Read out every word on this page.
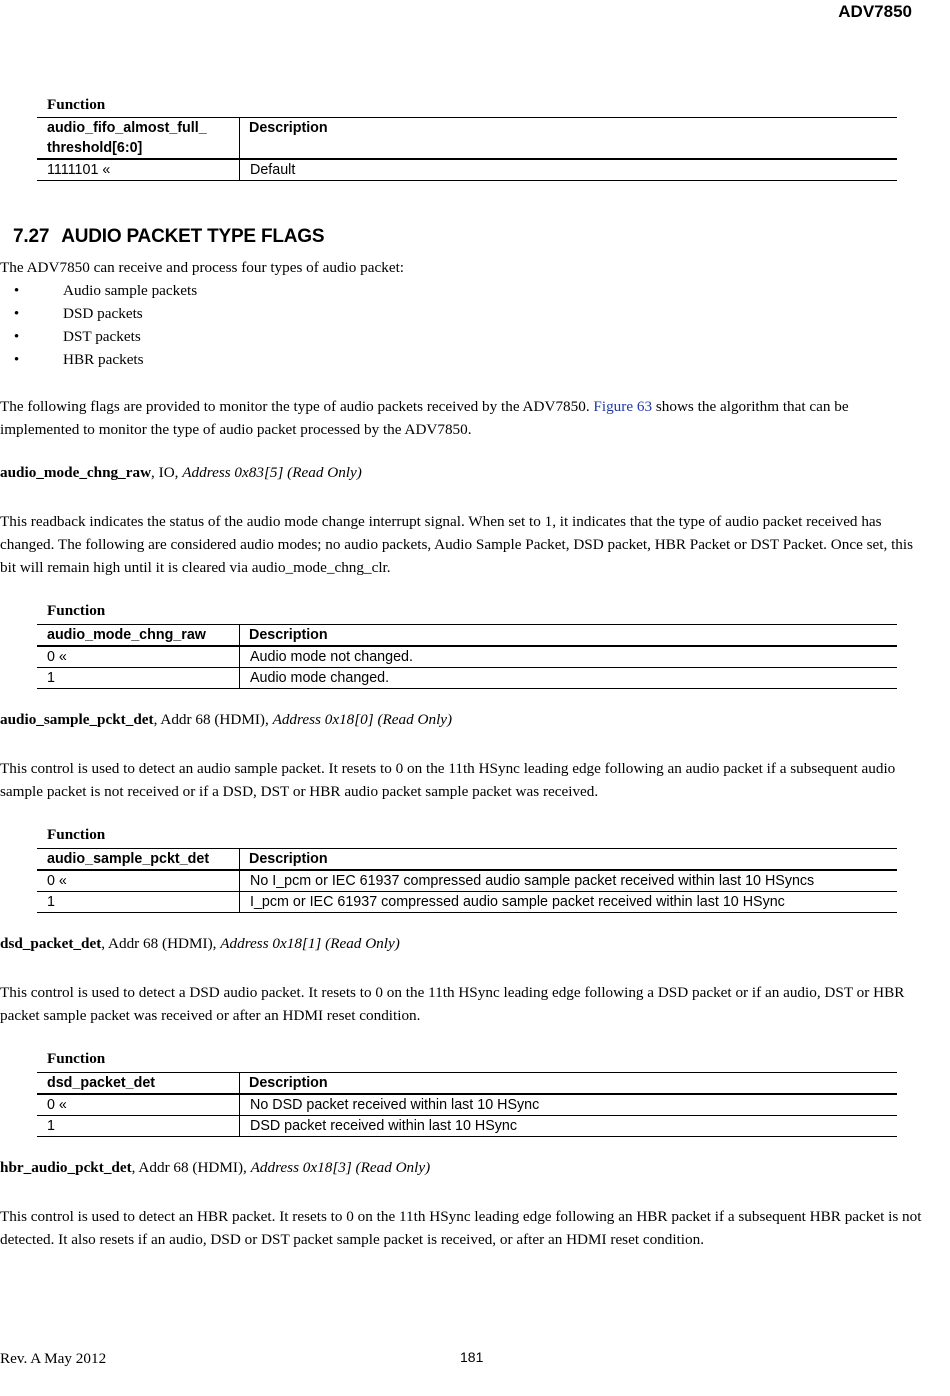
ADV7850
Function
audio_fifo_almost_full_ threshold[6:0]	Description
1111101 «	Default
7.27 AUDIO PACKET TYPE FLAGS
The ADV7850 can receive and process four types of audio packet:
•	Audio sample packets
•	DSD packets
•	DST packets
•	HBR packets
The following flags are provided to monitor the type of audio packets received by the ADV7850. Figure 63 shows the algorithm that can be implemented to monitor the type of audio packet processed by the ADV7850.
audio_mode_chng_raw, IO, Address 0x83[5] (Read Only)
This readback indicates the status of the audio mode change interrupt signal. When set to 1, it indicates that the type of audio packet received has changed. The following are considered audio modes; no audio packets, Audio Sample Packet, DSD packet, HBR Packet or DST Packet. Once set, this bit will remain high until it is cleared via audio_mode_chng_clr.
Function
audio_mode_chng_raw	Description
0 «	Audio mode not changed.
1	Audio mode changed.
audio_sample_pckt_det, Addr 68 (HDMI), Address 0x18[0] (Read Only)
This control is used to detect an audio sample packet. It resets to 0 on the 11th HSync leading edge following an audio packet if a subsequent audio sample packet is not received or if a DSD, DST or HBR audio packet sample packet was received.
Function
audio_sample_pckt_det	Description
0 «	No I_pcm or IEC 61937 compressed audio sample packet received within last 10 HSyncs
1	I_pcm or IEC 61937 compressed audio sample packet received within last 10 HSync
dsd_packet_det, Addr 68 (HDMI), Address 0x18[1] (Read Only)
This control is used to detect a DSD audio packet. It resets to 0 on the 11th HSync leading edge following a DSD packet or if an audio, DST or HBR packet sample packet was received or after an HDMI reset condition.
Function
dsd_packet_det	Description
0 «	No DSD packet received within last 10 HSync
1	DSD packet received within last 10 HSync
hbr_audio_pckt_det, Addr 68 (HDMI), Address 0x18[3] (Read Only)
This control is used to detect an HBR packet. It resets to 0 on the 11th HSync leading edge following an HBR packet if a subsequent HBR packet is not detected. It also resets if an audio, DSD or DST packet sample packet is received, or after an HDMI reset condition.
Rev. A May 2012	181
